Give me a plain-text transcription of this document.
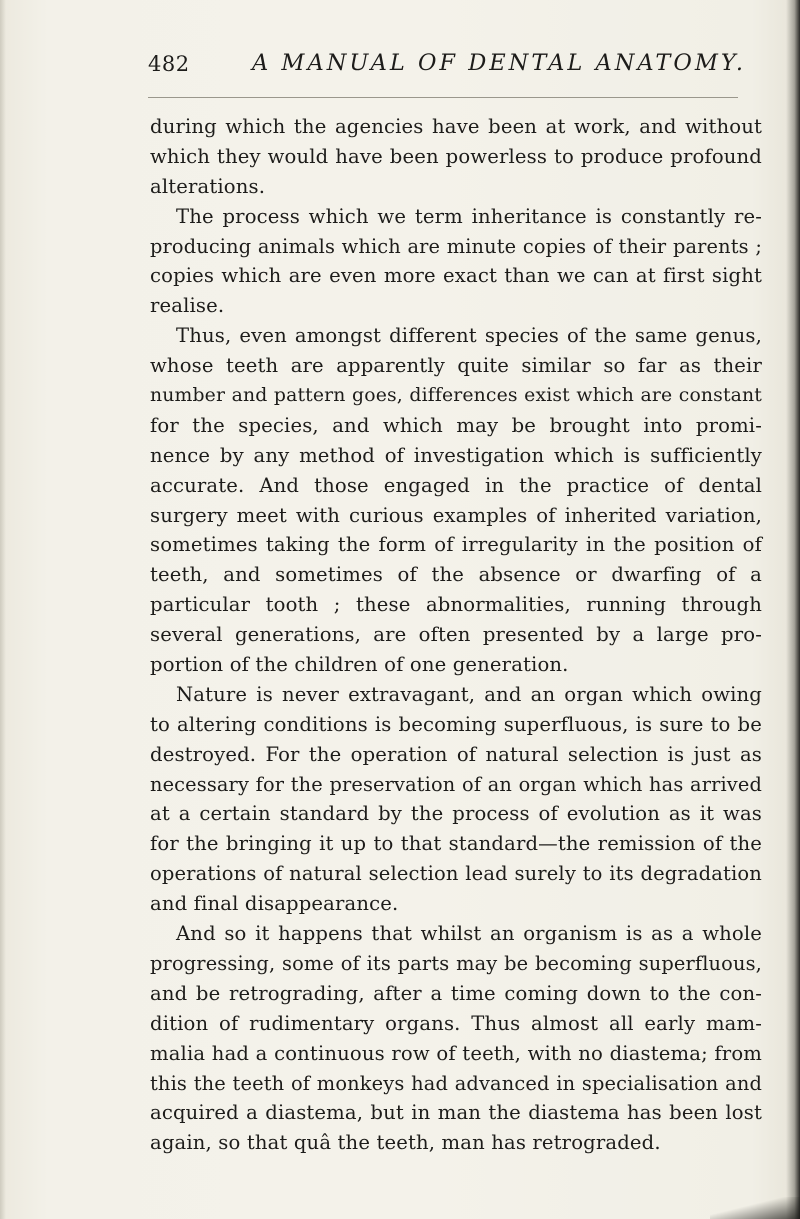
482	A MANUAL OF DENTAL ANATOMY.
during which the agencies have been at work, and without
which they would have been powerless to produce profound
alterations.
The process which we term inheritance is constantly re-
producing animals which are minute copies of their parents ;
copies which are even more exact than we can at first sight
realise.
Thus, even amongst different species of the same genus,
whose teeth are apparently quite similar so far as their
number and pattern goes, differences exist which are constant
for the species, and which may be brought into promi-
nence by any method of investigation which is sufficiently
accurate. And those engaged in the practice of dental
surgery meet with curious examples of inherited variation,
sometimes taking the form of irregularity in the position of
teeth, and sometimes of the absence or dwarfing of a
particular tooth ; these abnormalities, running through
several generations, are often presented by a large pro-
portion of the children of one generation.
Nature is never extravagant, and an organ which owing
to altering conditions is becoming superfluous, is sure to be
destroyed. For the operation of natural selection is just as
necessary for the preservation of an organ which has arrived
at a certain standard by the process of evolution as it was
for the bringing it up to that standard—the remission of the
operations of natural selection lead surely to its degradation
and final disappearance.
And so it happens that whilst an organism is as a whole
progressing, some of its parts may be becoming superfluous,
and be retrograding, after a time coming down to the con-
dition of rudimentary organs. Thus almost all early mam-
malia had a continuous row of teeth, with no diastema; from
this the teeth of monkeys had advanced in specialisation and
acquired a diastema, but in man the diastema has been lost
again, so that quâ the teeth, man has retrograded.
